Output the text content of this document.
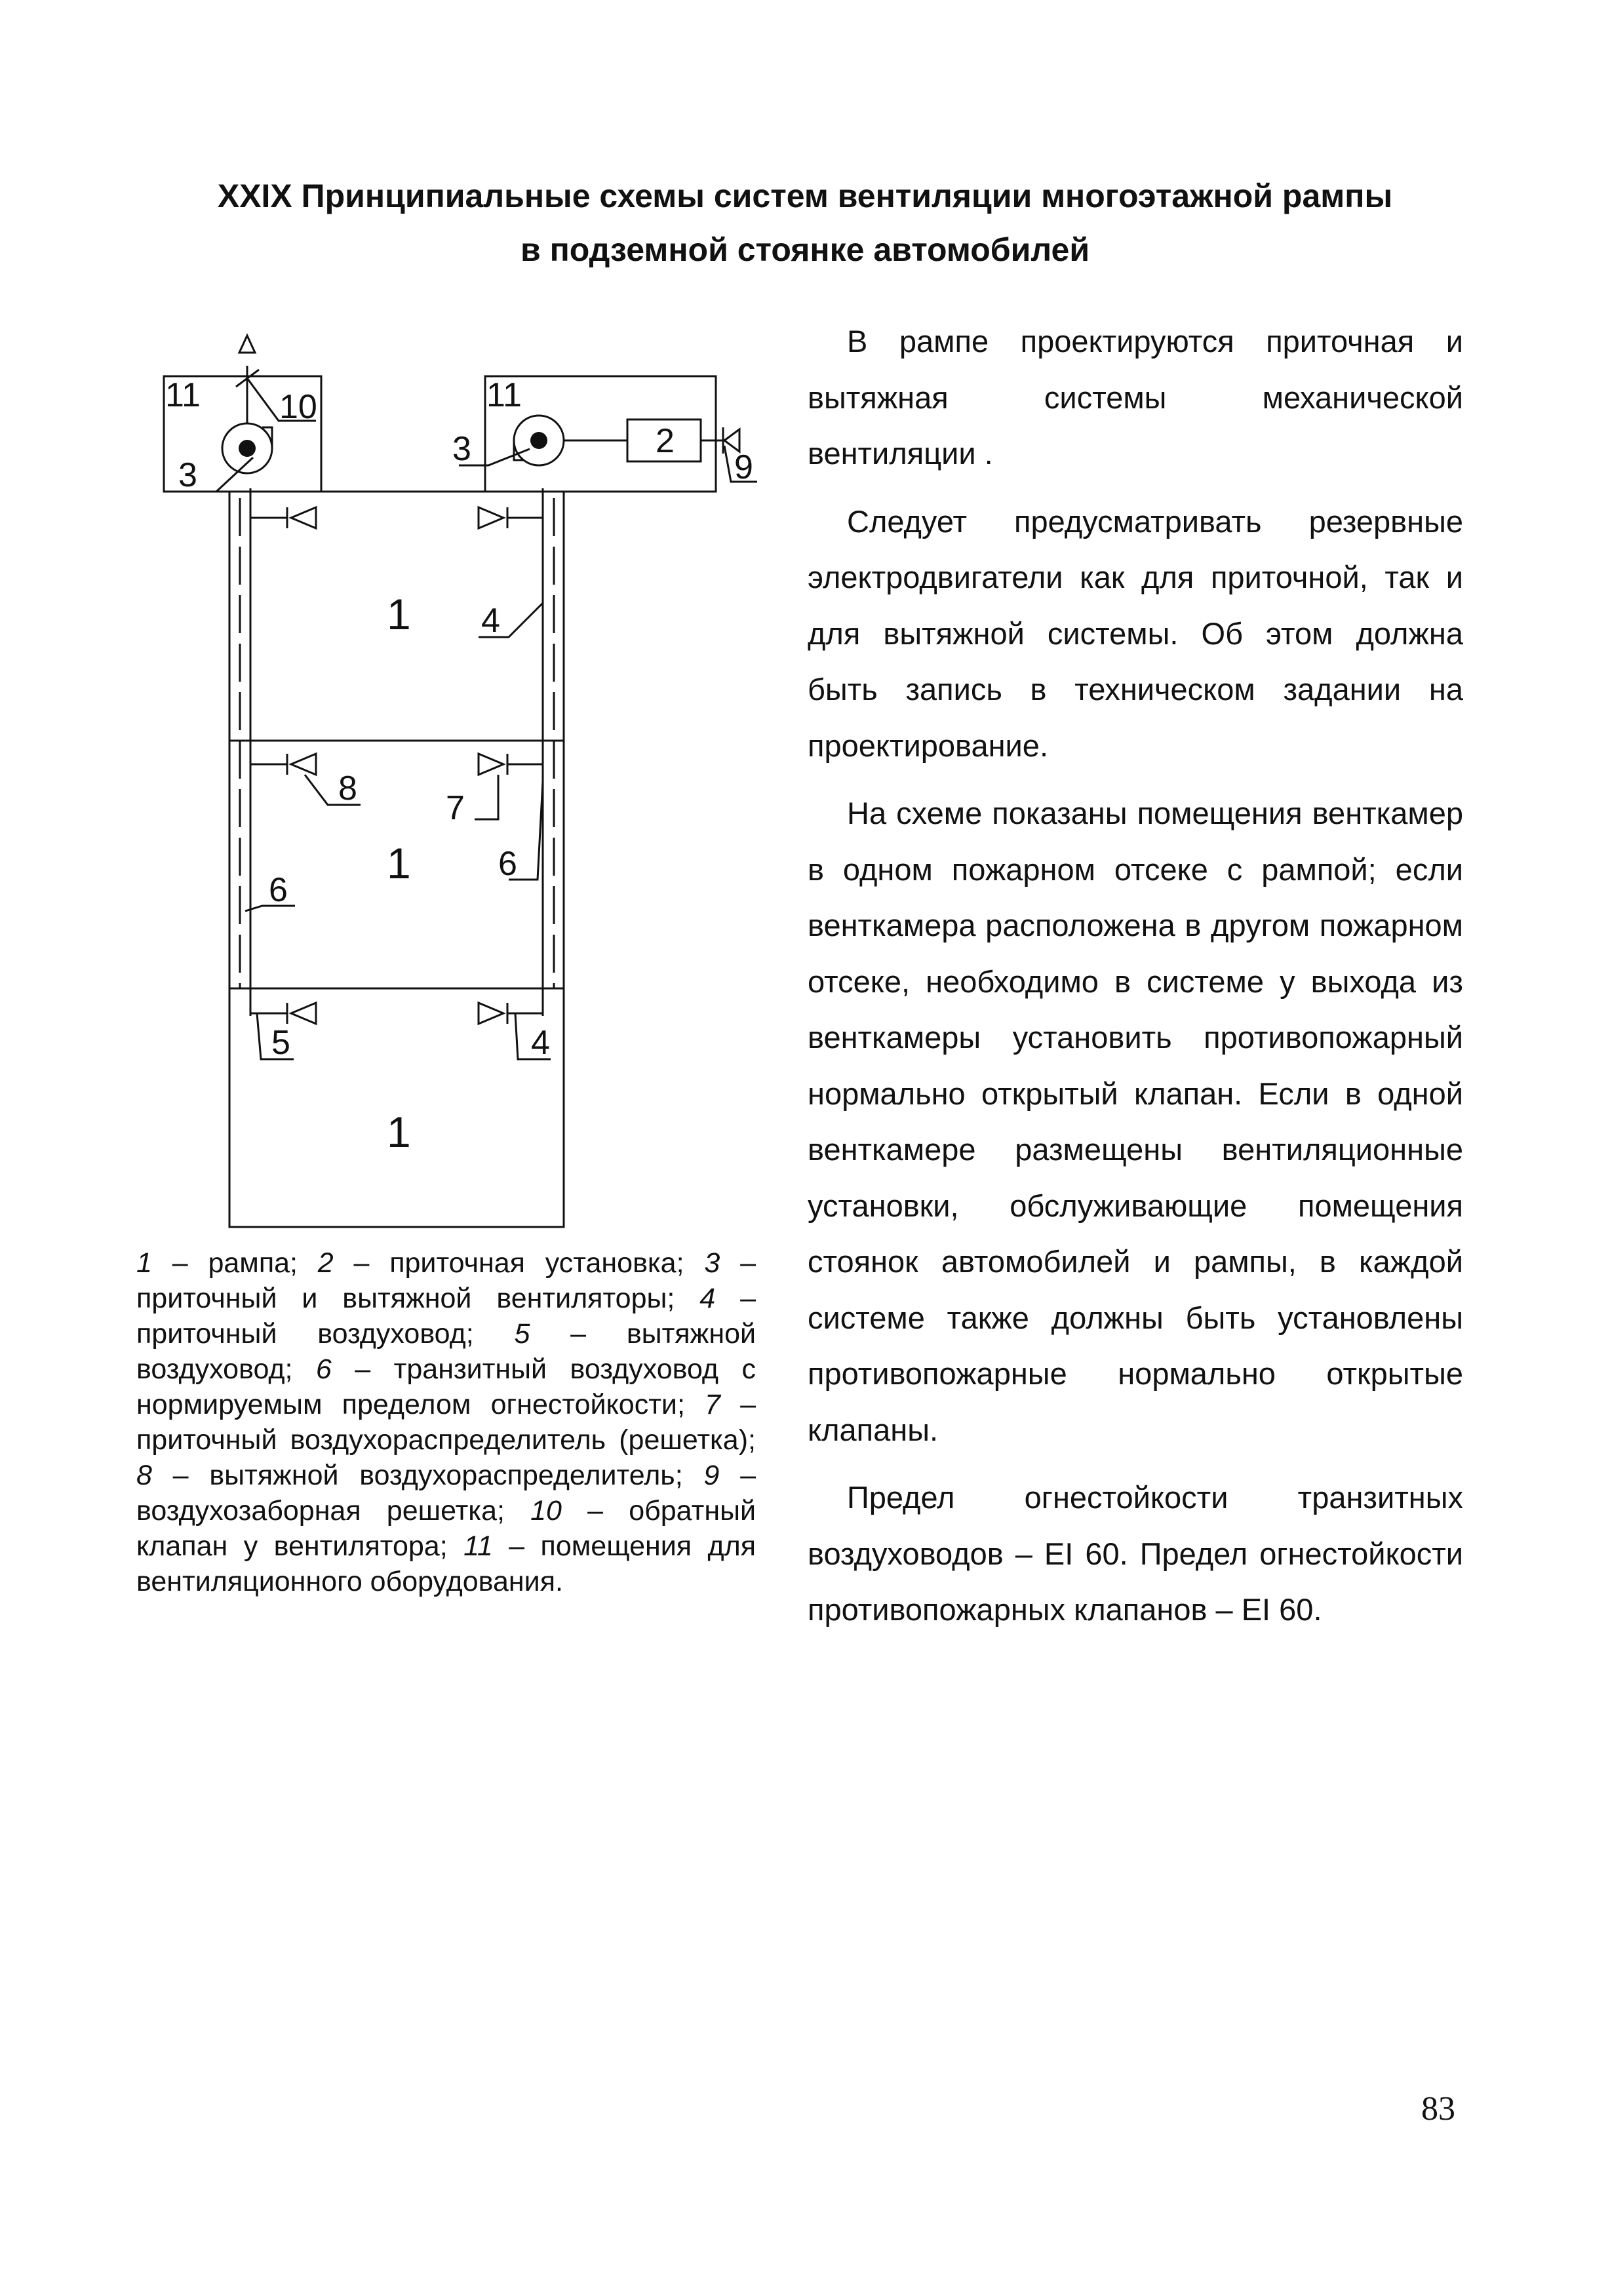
XXIX Принципиальные схемы систем вентиляции многоэтажной рампы
в подземной стоянке автомобилей
11	11
10
3
3	2
9
4
1
8
7
1	6
6
5	4
1
1 – рампа; 2 – приточная установка; 3 – приточный и вытяжной вентиляторы; 4 – приточный воздуховод; 5 – вытяжной воздуховод; 6 – транзитный воздуховод с нормируемым пределом огнестойкости; 7 – приточный воздухораспределитель (решетка); 8 – вытяжной воздухораспределитель; 9 – воздухозаборная решетка; 10 – обратный клапан у вентилятора; 11 – помещения для вентиляционного оборудования.

В рампе проектируются приточная и вытяжная системы механической вентиляции .

Следует предусматривать резервные электродвигатели как для приточной, так и для вытяжной системы. Об этом должна быть запись в техническом задании на проектирование.

На схеме показаны помещения венткамер в одном пожарном отсеке с рампой; если венткамера расположена в другом пожарном отсеке, необходимо в системе у выхода из венткамеры установить противопожарный нормально открытый клапан. Если в одной венткамере размещены вентиляционные установки, обслуживающие помещения стоянок автомобилей и рампы, в каждой системе также должны быть установлены противопожарные нормально открытые клапаны.

Предел огнестойкости транзитных воздуховодов – EI 60. Предел огнестойкости противопожарных клапанов – EI 60.

83
